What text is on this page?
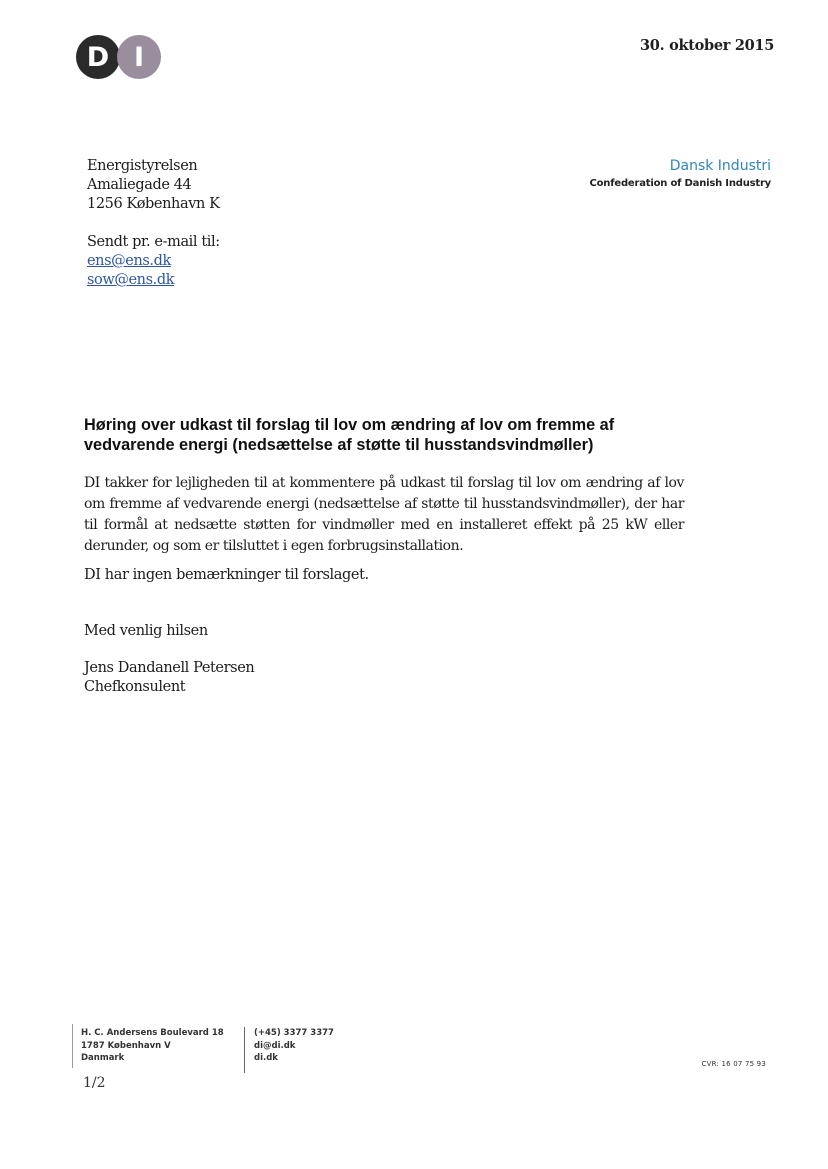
D I	30. oktober 2015
Dansk Industri
Confederation of Danish Industry
Energistyrelsen
Amaliegade 44
1256 København K
Sendt pr. e-mail til:
ens@ens.dk
sow@ens.dk
Høring over udkast til forslag til lov om ændring af lov om fremme af vedvarende energi (nedsættelse af støtte til husstandsvindmøller)
DI takker for lejligheden til at kommentere på udkast til forslag til lov om ændring af lov om fremme af vedvarende energi (nedsættelse af støtte til husstandsvindmøller), der har til formål at nedsætte støtten for vindmøller med en installeret effekt på 25 kW eller derunder, og som er tilsluttet i egen forbrugsinstallation.
DI har ingen bemærkninger til forslaget.
Med venlig hilsen
Jens Dandanell Petersen
Chefkonsulent
H. C. Andersens Boulevard 18
1787 København V
Danmark
(+45) 3377 3377
di@di.dk
di.dk
CVR: 16 07 75 93
1/2
